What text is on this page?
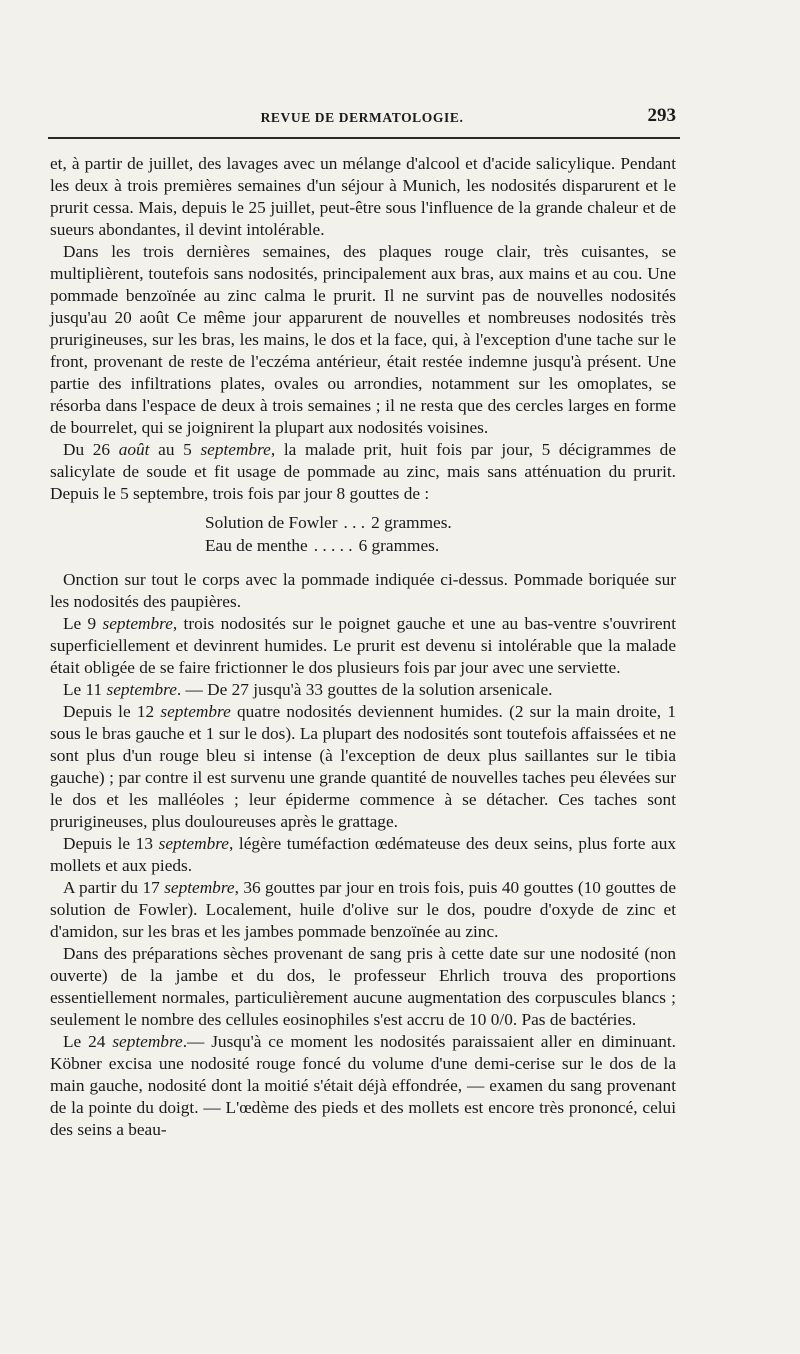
REVUE DE DERMATOLOGIE.	293

et, à partir de juillet, des lavages avec un mélange d'alcool et d'acide salicylique. Pendant les deux à trois premières semaines d'un séjour à Munich, les nodosités disparurent et le prurit cessa. Mais, depuis le 25 juillet, peut-être sous l'influence de la grande chaleur et de sueurs abondantes, il devint intolérable.

Dans les trois dernières semaines, des plaques rouge clair, très cuisantes, se multiplièrent, toutefois sans nodosités, principalement aux bras, aux mains et au cou. Une pommade benzoïnée au zinc calma le prurit. Il ne survint pas de nouvelles nodosités jusqu'au 20 août Ce même jour apparurent de nouvelles et nombreuses nodosités très prurigineuses, sur les bras, les mains, le dos et la face, qui, à l'exception d'une tache sur le front, provenant de reste de l'eczéma antérieur, était restée indemne jusqu'à présent. Une partie des infiltrations plates, ovales ou arrondies, notamment sur les omoplates, se résorba dans l'espace de deux à trois semaines ; il ne resta que des cercles larges en forme de bourrelet, qui se joignirent la plupart aux nodosités voisines.

Du 26 août au 5 septembre, la malade prit, huit fois par jour, 5 décigrammes de salicylate de soude et fit usage de pommade au zinc, mais sans atténuation du prurit. Depuis le 5 septembre, trois fois par jour 8 gouttes de :

Solution de Fowler . . . 2 grammes.
Eau de menthe . . . . . 6 grammes.

Onction sur tout le corps avec la pommade indiquée ci-dessus. Pommade boriquée sur les nodosités des paupières.

Le 9 septembre, trois nodosités sur le poignet gauche et une au bas-ventre s'ouvrirent superficiellement et devinrent humides. Le prurit est devenu si intolérable que la malade était obligée de se faire frictionner le dos plusieurs fois par jour avec une serviette.

Le 11 septembre. — De 27 jusqu'à 33 gouttes de la solution arsenicale.

Depuis le 12 septembre quatre nodosités deviennent humides. (2 sur la main droite, 1 sous le bras gauche et 1 sur le dos). La plupart des nodosités sont toutefois affaissées et ne sont plus d'un rouge bleu si intense (à l'exception de deux plus saillantes sur le tibia gauche) ; par contre il est survenu une grande quantité de nouvelles taches peu élevées sur le dos et les malléoles ; leur épiderme commence à se détacher. Ces taches sont prurigineuses, plus douloureuses après le grattage.

Depuis le 13 septembre, légère tuméfaction œdémateuse des deux seins, plus forte aux mollets et aux pieds.

A partir du 17 septembre, 36 gouttes par jour en trois fois, puis 40 gouttes (10 gouttes de solution de Fowler). Localement, huile d'olive sur le dos, poudre d'oxyde de zinc et d'amidon, sur les bras et les jambes pommade benzoïnée au zinc.

Dans des préparations sèches provenant de sang pris à cette date sur une nodosité (non ouverte) de la jambe et du dos, le professeur Ehrlich trouva des proportions essentiellement normales, particulièrement aucune augmentation des corpuscules blancs ; seulement le nombre des cellules eosinophiles s'est accru de 10 0/0. Pas de bactéries.

Le 24 septembre.— Jusqu'à ce moment les nodosités paraissaient aller en diminuant. Köbner excisa une nodosité rouge foncé du volume d'une demi-cerise sur le dos de la main gauche, nodosité dont la moitié s'était déjà effondrée, — examen du sang provenant de la pointe du doigt. — L'œdème des pieds et des mollets est encore très prononcé, celui des seins a beau-
